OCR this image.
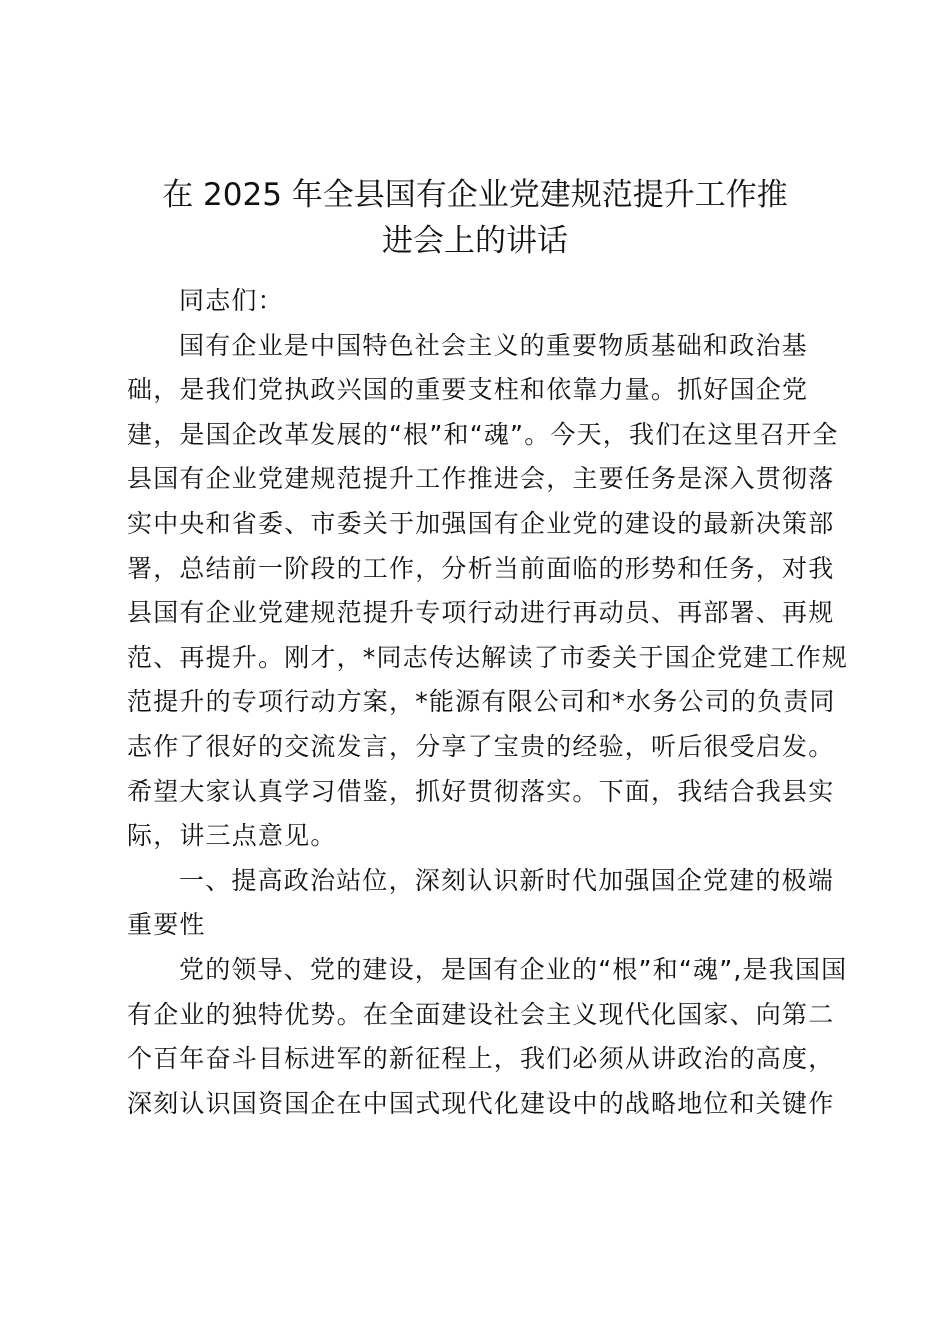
在 2025 年全县国有企业党建规范提升工作推
进会上的讲话
同志们：
国有企业是中国特色社会主义的重要物质基础和政治基
础，是我们党执政兴国的重要支柱和依靠力量。抓好国企党
建，是国企改革发展的“根”和“魂”。今天，我们在这里召开全
县国有企业党建规范提升工作推进会，主要任务是深入贯彻落
实中央和省委、市委关于加强国有企业党的建设的最新决策部
署，总结前一阶段的工作，分析当前面临的形势和任务，对我
县国有企业党建规范提升专项行动进行再动员、再部署、再规
范、再提升。刚才，*同志传达解读了市委关于国企党建工作规
范提升的专项行动方案，*能源有限公司和*水务公司的负责同
志作了很好的交流发言，分享了宝贵的经验，听后很受启发。
希望大家认真学习借鉴，抓好贯彻落实。下面，我结合我县实
际，讲三点意见。
一、提高政治站位，深刻认识新时代加强国企党建的极端
重要性
党的领导、党的建设，是国有企业的“根”和“魂”,是我国国
有企业的独特优势。在全面建设社会主义现代化国家、向第二
个百年奋斗目标进军的新征程上，我们必须从讲政治的高度，
深刻认识国资国企在中国式现代化建设中的战略地位和关键作
